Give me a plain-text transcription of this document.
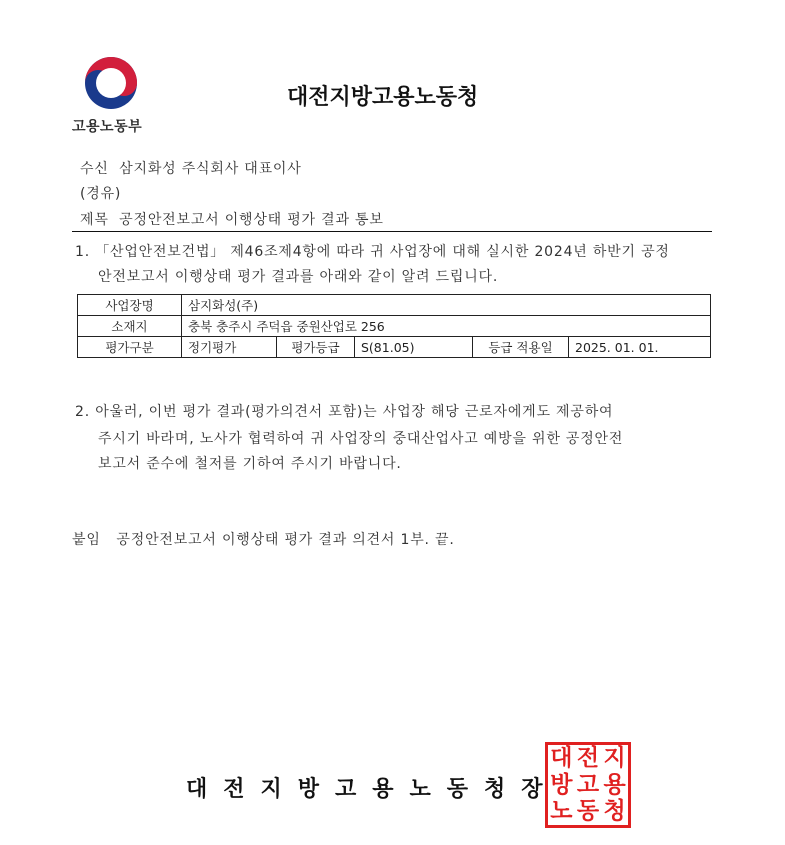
고용노동부
대전지방고용노동청
수신 삼지화성 주식회사 대표이사
(경유)
제목 공정안전보고서 이행상태 평가 결과 통보
1. 「산업안전보건법」 제46조제4항에 따라 귀 사업장에 대해 실시한 2024년 하반기 공정
안전보고서 이행상태 평가 결과를 아래와 같이 알려 드립니다.
사업장명	삼지화성(주)				
소재지	충북 충주시 주덕읍 중원산업로 256				
평가구분	정기평가	평가등급	S(81.05)	등급 적용일	2025. 01. 01.
2. 아울러, 이번 평가 결과(평가의견서 포함)는 사업장 해당 근로자에게도 제공하여
주시기 바라며, 노사가 협력하여 귀 사업장의 중대산업사고 예방을 위한 공정안전
보고서 준수에 철저를 기하여 주시기 바랍니다.
붙임 공정안전보고서 이행상태 평가 결과 의견서 1부. 끝.
대전지방고용노동청장
대 전 지
방 고 용
노 동 청
